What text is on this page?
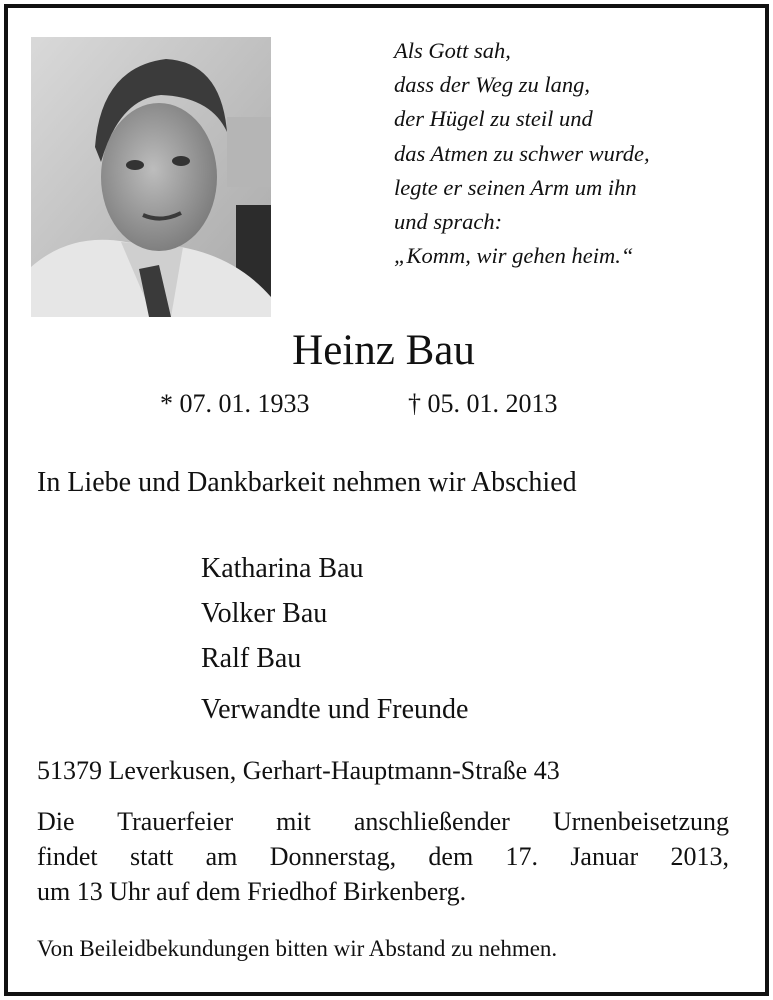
Als Gott sah,
dass der Weg zu lang,
der Hügel zu steil und
das Atmen zu schwer wurde,
legte er seinen Arm um ihn
und sprach:
„Komm, wir gehen heim.“
Heinz Bau
* 07. 01. 1933	† 05. 01. 2013
In Liebe und Dankbarkeit nehmen wir Abschied
Katharina Bau
Volker Bau
Ralf Bau
Verwandte und Freunde
51379 Leverkusen, Gerhart-Hauptmann-Straße 43
Die Trauerfeier mit anschließender Urnenbeisetzung
findet statt am Donnerstag, dem 17. Januar 2013,
um 13 Uhr auf dem Friedhof Birkenberg.
Von Beileidbekundungen bitten wir Abstand zu nehmen.
